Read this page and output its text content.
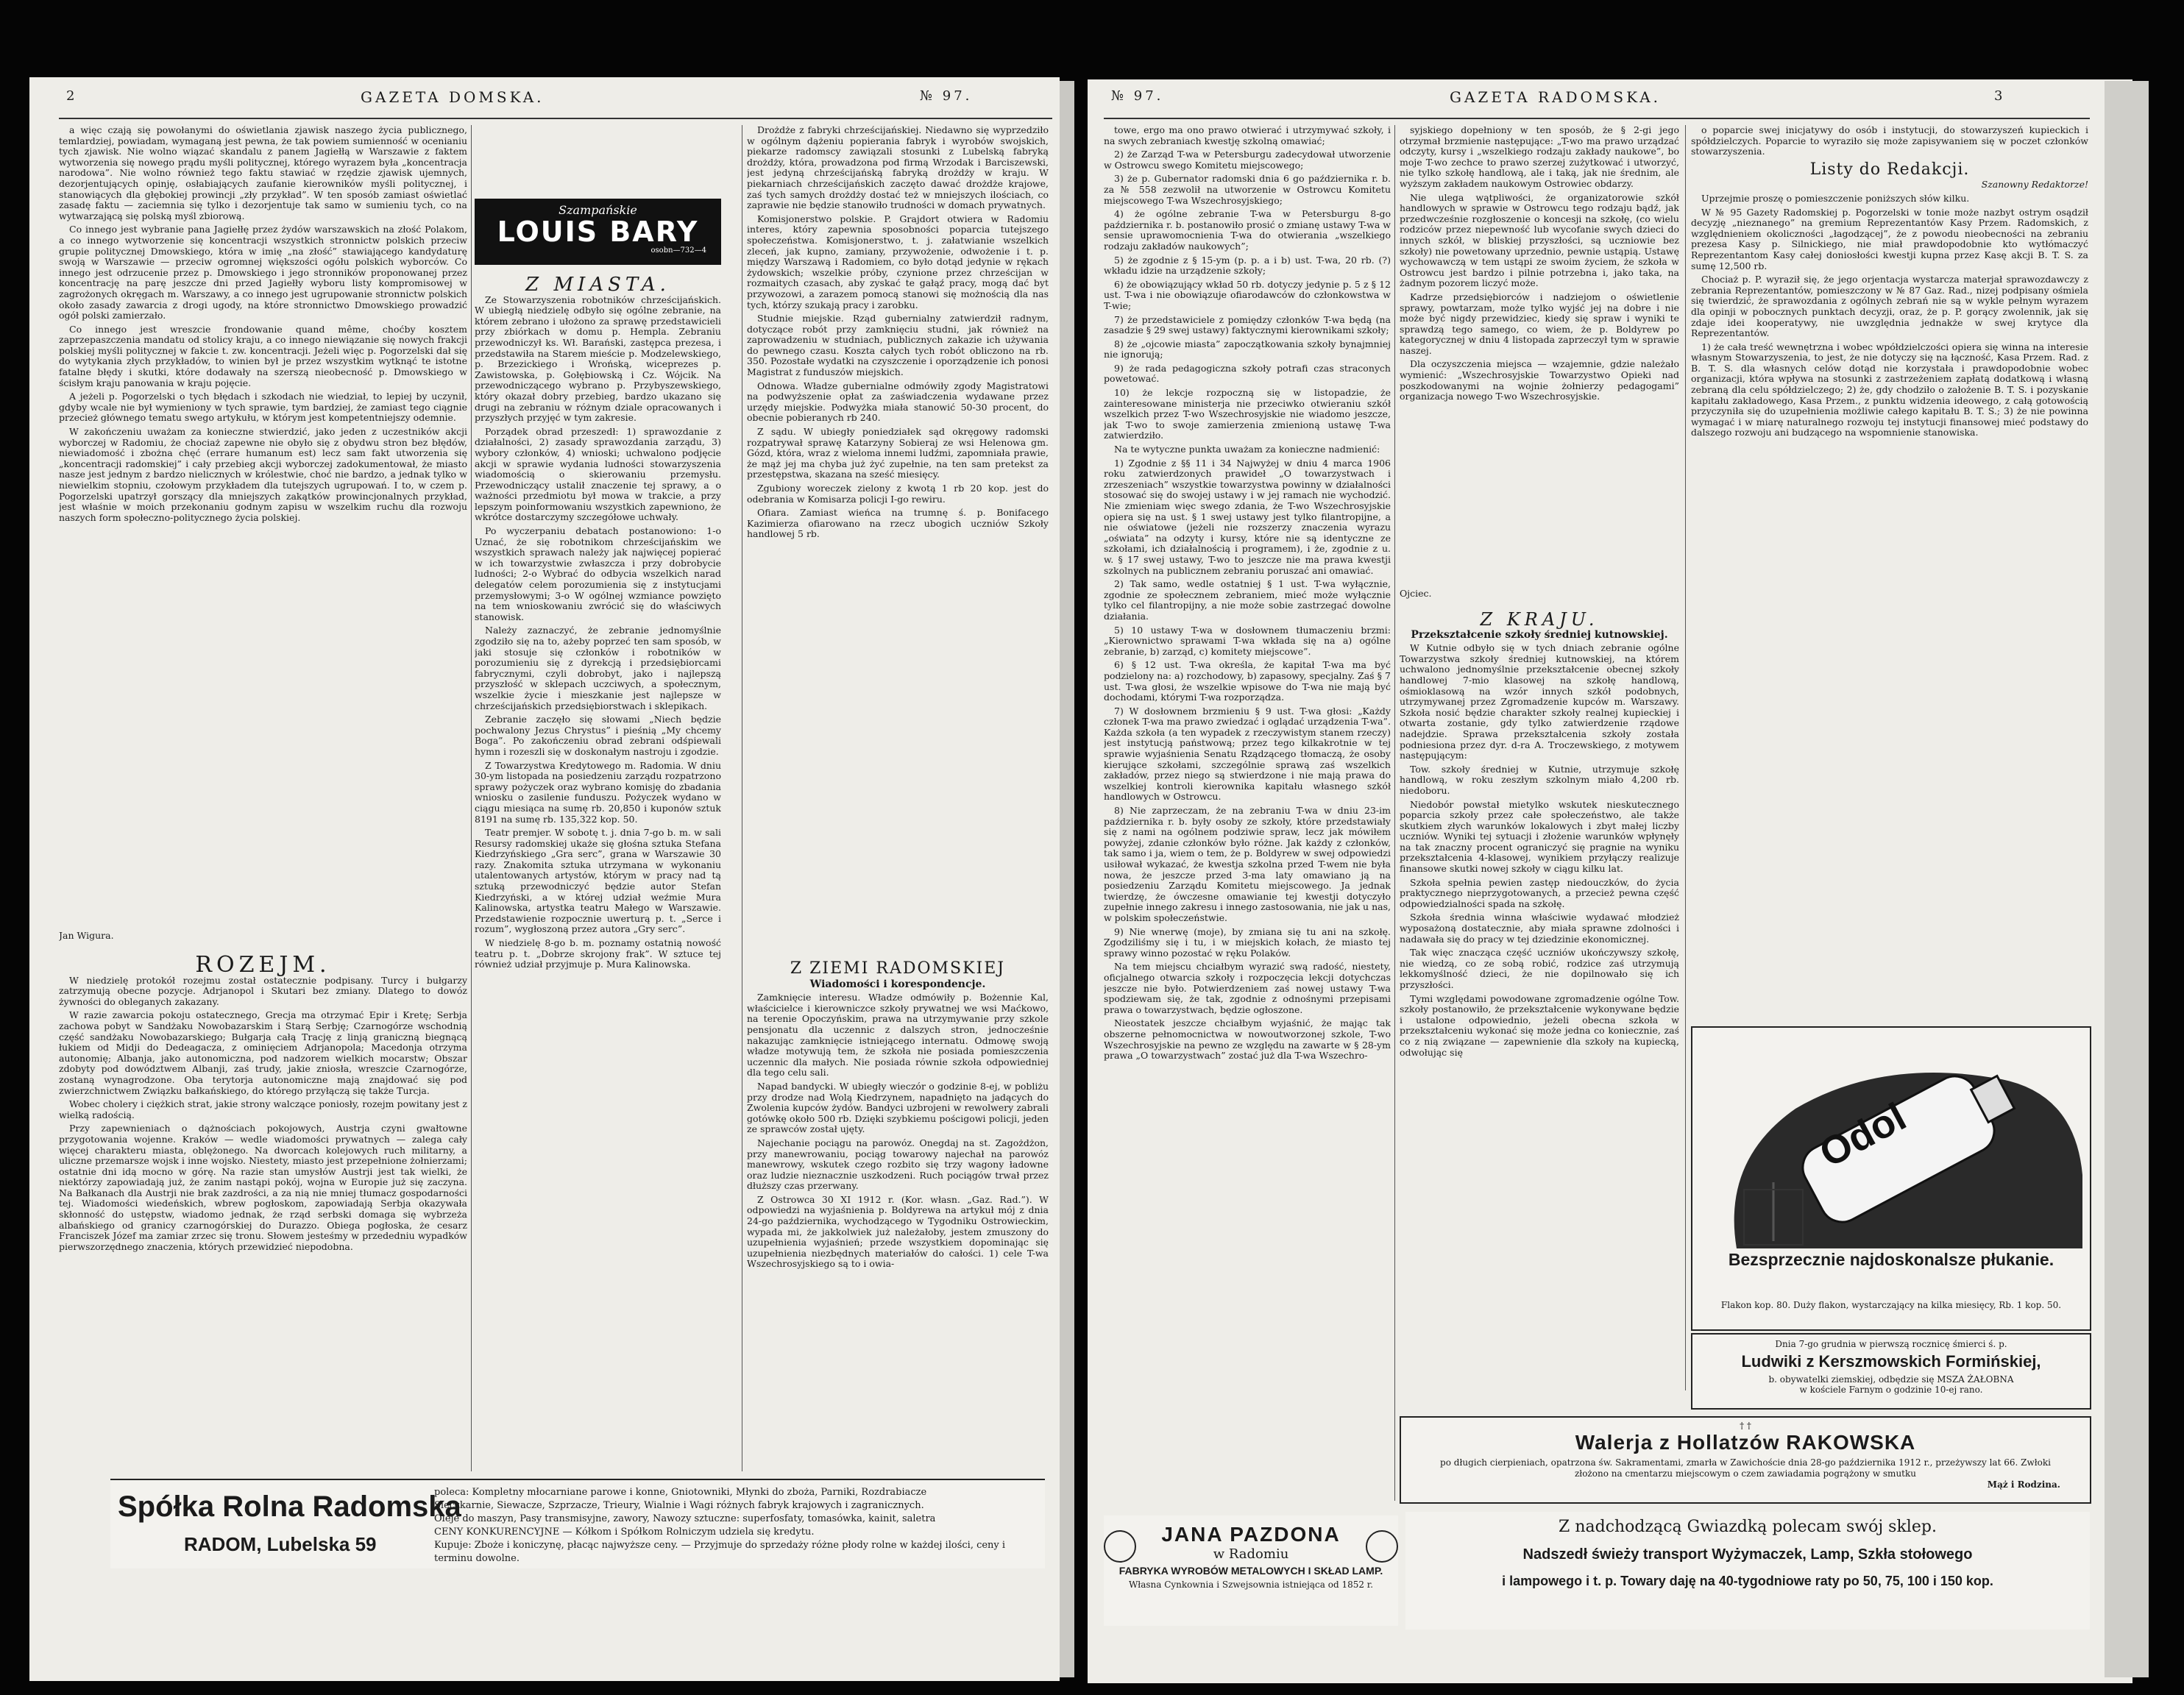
2	GAZETA DOMSKA.	№ 97.

a więc czają się powołanymi do oświetlania zjawisk naszego życia publicznego, temlardziej, powiadam, wymaganą jest pewna, że tak powiem sumienność w ocenianiu tych zjawisk. Nie wolno wiązać skandalu z panem Jagiełłą w Warszawie z faktem wytworzenia się nowego prądu myśli politycznej, którego wyrazem była „koncentracja narodowa”. Nie wolno również tego faktu stawiać w rzędzie zjawisk ujemnych, dezorjentujących opinję, osłabiających zaufanie kierowników myśli politycznej, i stanowiących dla głębokiej prowincji „zły przykład”. W ten sposób zamiast oświetlać zasadę faktu — zaciemnia się tylko i dezorjentuje tak samo w sumieniu tych, co na wytwarzającą się polską myśl zbiorową.

Co innego jest wybranie pana Jagiełłę przez żydów warszawskich na złość Polakom, a co innego wytworzenie się koncentracji wszystkich stronnictw polskich przeciw grupie politycznej Dmowskiego, która w imię „na złość” stawiającego kandydaturę swoją w Warszawie — przeciw ogromnej większości ogółu polskich wyborców. Co innego jest odrzucenie przez p. Dmowskiego i jego stronników proponowanej przez koncentrację na parę jeszcze dni przed Jagiełły wyboru listy kompromisowej w zagrożonych okręgach m. Warszawy, a co innego jest ugrupowanie stronnictw polskich około zasady zawarcia z drogi ugody, na które stronnictwo Dmowskiego prowadzić ogół polski zamierzało.

Co innego jest wreszcie frondowanie quand même, choćby kosztem zaprzepaszczenia mandatu od stolicy kraju, a co innego niewiązanie się nowych frakcji polskiej myśli politycznej w fakcie t. zw. koncentracji. Jeżeli więc p. Pogorzelski dał się do wytykania złych przykładów, to winien był je przez wszystkim wytknąć te istotne fatalne błędy i skutki, które dodawały na szerszą nieobecność p. Dmowskiego w ścisłym kraju panowania w kraju pojęcie.

A jeżeli p. Pogorzelski o tych błędach i szkodach nie wiedział, to lepiej by uczynił, gdyby wcale nie był wymieniony w tych sprawie, tym bardziej, że zamiast tego ciągnie przecież głównego tematu swego artykułu, w którym jest kompetentniejszy odemnie.

W zakończeniu uważam za konieczne stwierdzić, jako jeden z uczestników akcji wyborczej w Radomiu, że chociaż zapewne nie obyło się z obydwu stron bez błędów, niewiadomość i zbożna chęć (errare humanum est) lecz sam fakt utworzenia się „koncentracji radomskiej” i cały przebieg akcji wyborczej zadokumentował, że miasto nasze jest jednym z bardzo nielicznych w królestwie, choć nie bardzo, a jednak tylko w niewielkim stopniu, czołowym przykładem dla tutejszych ugrupowań. I to, w czem p. Pogorzelski upatrzył gorszący dla mniejszych zakątków prowincjonalnych przykład, jest właśnie w moich przekonaniu godnym zapisu w wszelkim ruchu dla rozwoju naszych form społeczno-politycznego życia polskiej.

Jan Wigura.
ROZEJM.

W niedzielę protokół rozejmu został ostatecznie podpisany. Turcy i bułgarzy zatrzymują obecne pozycje. Adrjanopol i Skutari bez zmiany. Dlatego to dowóz żywności do obleganych zakazany.

W razie zawarcia pokoju ostatecznego, Grecja ma otrzymać Epir i Kretę; Serbja zachowa pobyt w Sandżaku Nowobazarskim i Starą Serbję; Czarnogórze wschodnią część sandżaku Nowobazarskiego; Bułgarja całą Trację z linją graniczną biegnącą łukiem od Midji do Dedeagacza, z ominięciem Adrjanopola; Macedonja otrzyma autonomię; Albanja, jako autonomiczna, pod nadzorem wielkich mocarstw; Obszar zdobyty pod dowództwem Albanji, zaś trudy, jakie zniosła, wreszcie Czarnogórze, zostaną wynagrodzone. Oba terytorja autonomiczne mają znajdować się pod zwierzchnictwem Związku bałkańskiego, do którego przyłączą się także Turcja.

Wobec cholery i ciężkich strat, jakie strony walczące poniosły, rozejm powitany jest z wielką radością.

Przy zapewnieniach o dążnościach pokojowych, Austrja czyni gwałtowne przygotowania wojenne. Kraków — wedle wiadomości prywatnych — zalega cały więcej charakteru miasta, oblężonego. Na dworcach kolejowych ruch militarny, a uliczne przemarsze wojsk i inne wojsko. Niestety, miasto jest przepełnione żołnierzami; ostatnie dni idą mocno w górę. Na razie stan umysłów Austrji jest tak wielki, że niektórzy zapowiadają już, że zanim nastąpi pokój, wojna w Europie już się zaczyna. Na Bałkanach dla Austrji nie brak zazdrości, a za nią nie mniej tłumacz gospodarności tej. Wiadomości wiedeńskich, wbrew pogłoskom, zapowiadają Serbja okazywała skłonność do ustępstw, wiadomo jednak, że rząd serbski domaga się wybrzeża albańskiego od granicy czarnogórskiej do Durazzo. Obiega pogłoska, że cesarz Franciszek Józef ma zamiar zrzec się tronu. Słowem jesteśmy w przededniu wypadków pierwszorzędnego znaczenia, których przewidzieć niepodobna.

Szampańskie
LOUIS BARY
osobn—732—4
Z MIASTA.

Ze Stowarzyszenia robotników chrześcijańskich. W ubiegłą niedzielę odbyło się ogólne zebranie, na którem zebrano i ułożono za sprawę przedstawicieli przy zbiórkach w domu p. Hempla. Zebraniu przewodniczył ks. Wł. Barański, zastępca prezesa, i przedstawiła na Starem mieście p. Modzelewskiego, p. Brzezickiego i Wrońską, wiceprezes p. Zawistowska, p. Gołębiowską i Cz. Wójcik. Na przewodniczącego wybrano p. Przybyszewskiego, który okazał dobry przebieg, bardzo ukazano się drugi na zebraniu w różnym dziale opracowanych i przyszłych przyjęć w tym zakresie.

Porządek obrad przeszedł: 1) sprawozdanie z działalności, 2) zasady sprawozdania zarządu, 3) wybory członków, 4) wnioski; uchwalono podjęcie akcji w sprawie wydania ludności stowarzyszenia wiadomością o skierowaniu przemysłu. Przewodniczący ustalił znaczenie tej sprawy, a o ważności przedmiotu był mowa w trakcie, a przy lepszym poinformowaniu wszystkich zapewniono, że wkrótce dostarczymy szczegółowe uchwały.

Po wyczerpaniu debatach postanowiono: 1-o Uznać, że się robotnikom chrześcijańskim we wszystkich sprawach należy jak najwięcej popierać w ich towarzystwie zwłaszcza i przy dobrobycie ludności; 2-o Wybrać do odbycia wszelkich narad delegatów celem porozumienia się z instytucjami przemysłowymi; 3-o W ogólnej wzmiance powzięto na tem wnioskowaniu zwrócić się do właściwych stanowisk.

Należy zaznaczyć, że zebranie jednomyślnie zgodziło się na to, ażeby poprzeć ten sam sposób, w jaki stosuje się członków i robotników w porozumieniu się z dyrekcją i przedsiębiorcami fabrycznymi, czyli dobrobyt, jako i najlepszą przyszłość w sklepach uczciwych, a społecznym, wszelkie życie i mieszkanie jest najlepsze w chrześcijańskich przedsiębiorstwach i sklepikach.

Zebranie zaczęło się słowami „Niech będzie pochwalony Jezus Chrystus” i pieśnią „My chcemy Boga”. Po zakończeniu obrad zebrani odśpiewali hymn i rozeszli się w doskonałym nastroju i zgodzie.

Z Towarzystwa Kredytowego m. Radomia. W dniu 30-ym listopada na posiedzeniu zarządu rozpatrzono sprawy pożyczek oraz wybrano komisję do zbadania wniosku o zasilenie funduszu. Pożyczek wydano w ciągu miesiąca na sumę rb. 20,850 i kuponów sztuk 8191 na sumę rb. 135,322 kop. 50.

Teatr premjer. W sobotę t. j. dnia 7-go b. m. w sali Resursy radomskiej ukaże się głośna sztuka Stefana Kiedrzyńskiego „Gra serc”, grana w Warszawie 30 razy. Znakomita sztuka utrzymana w wykonaniu utalentowanych artystów, którym w pracy nad tą sztuką przewodniczyć będzie autor Stefan Kiedrzyński, a w której udział weźmie Mura Kalinowska, artystka teatru Małego w Warszawie. Przedstawienie rozpocznie uwerturą p. t. „Serce i rozum”, wygłoszoną przez autora „Gry serc”.

W niedzielę 8-go b. m. poznamy ostatnią nowość teatru p. t. „Dobrze skrojony frak”. W sztuce tej również udział przyjmuje p. Mura Kalinowska.

Drożdże z fabryki chrześcijańskiej. Niedawno się wyprzedziło w ogólnym dążeniu popierania fabryk i wyrobów swojskich, piekarze radomscy zawiązali stosunki z Lubelską fabryką drożdży, która, prowadzona pod firmą Wrzodak i Barciszewski, jest jedyną chrześcijańską fabryką drożdży w kraju. W piekarniach chrześcijańskich zaczęto dawać drożdże krajowe, zaś tych samych drożdży dostać też w mniejszych ilościach, co zaprawie nie będzie stanowiło trudności w domach prywatnych.

Komisjonerstwo polskie. P. Grajdort otwiera w Radomiu interes, który zapewnia sposobności poparcia tutejszego społeczeństwa. Komisjonerstwo, t. j. załatwianie wszelkich zleceń, jak kupno, zamiany, przywożenie, odwożenie i t. p. między Warszawą i Radomiem, co było dotąd jedynie w rękach żydowskich; wszelkie próby, czynione przez chrześcijan w rozmaitych czasach, aby zyskać te gałąź pracy, mogą dać byt przywozowi, a zarazem pomocą stanowi się możnością dla nas tych, którzy szukają pracy i zarobku.

Studnie miejskie. Rząd gubernialny zatwierdził radnym, dotyczące robót przy zamknięciu studni, jak również na zaprowadzeniu w studniach, publicznych zakazie ich używania do pewnego czasu. Koszta całych tych robót obliczono na rb. 350. Pozostałe wydatki na czyszczenie i oporządzenie ich ponosi Magistrat z funduszów miejskich.

Odnowa. Władze gubernialne odmówiły zgody Magistratowi na podwyższenie opłat za zaświadczenia wydawane przez urzędy miejskie. Podwyżka miała stanowić 50-30 procent, do obecnie pobieranych rb 240.

Z sądu. W ubiegły poniedziałek sąd okręgowy radomski rozpatrywał sprawę Katarzyny Sobieraj ze wsi Helenowa gm. Gózd, która, wraz z wieloma innemi ludźmi, zapomniała prawie, że mąż jej ma chyba już żyć zupełnie, na ten sam pretekst za przestępstwa, skazana na sześć miesięcy.

Zgubiony woreczek zielony z kwotą 1 rb 20 kop. jest do odebrania w Komisarza policji I-go rewiru.

Ofiara. Zamiast wieńca na trumnę ś. p. Bonifacego Kazimierza ofiarowano na rzecz ubogich uczniów Szkoły handlowej 5 rb.

Z ZIEMI RADOMSKIEJ
Wiadomości i korespondencje.

Zamknięcie interesu. Władze odmówiły p. Bożennie Kal, właścicielce i kierowniczce szkoły prywatnej we wsi Maćkowo, na terenie Opoczyńskim, prawa na utrzymywanie przy szkole pensjonatu dla uczennic z dalszych stron, jednocześnie nakazując zamknięcie istniejącego internatu. Odmowę swoją władze motywują tem, że szkoła nie posiada pomieszczenia uczennic dla małych. Nie posiada równie szkoła odpowiedniej dla tego celu sali.

Napad bandycki. W ubiegły wieczór o godzinie 8-ej, w pobliżu przy drodze nad Wolą Kiedrzynem, napadnięto na jadących do Zwolenia kupców żydów. Bandyci uzbrojeni w rewolwery zabrali gotówkę około 500 rb. Dzięki szybkiemu pościgowi policji, jeden ze sprawców został ujęty.

Najechanie pociągu na parowóz. Onegdaj na st. Zagożdżon, przy manewrowaniu, pociąg towarowy najechał na parowóz manewrowy, wskutek czego rozbito się trzy wagony ładowne oraz ludzie nieznacznie uszkodzeni. Ruch pociągów trwał przez dłuższy czas przerwany.

Z Ostrowca 30 XI 1912 r. (Kor. własn. „Gaz. Rad.”). W odpowiedzi na wyjaśnienia p. Boldyrewa na artykuł mój z dnia 24-go października, wychodzącego w Tygodniku Ostrowieckim, wypada mi, że jakkolwiek już należałoby, jestem zmuszony do uzupełnienia wyjaśnień; przede wszystkiem dopominając się uzupełnienia niezbędnych materiałów do całości. 1) cele T-wa Wszechrosyjskiego są to i owia-

Spółka Rolna Radomska
RADOM, Lubelska 59
poleca: Kompletny młocarniane parowe i konne, Gniotowniki, Młynki do zboża, Parniki, Rozdrabiacze
Sieczkarnie, Siewacze, Szprzacze, Trieury, Wialnie i Wagi różnych fabryk krajowych i zagranicznych.
Oleje do maszyn, Pasy transmisyjne, zawory, Nawozy sztuczne: superfosfaty, tomasówka, kainit, saletra
CENY KONKURENCYJNE — Kółkom i Spółkom Rolniczym udziela się kredytu.
Kupuje: Zboże i koniczynę, płacąc najwyższe ceny. — Przyjmuje do sprzedaży różne płody rolne w każdej ilości, ceny i terminu dowolne.
№ 97.	GAZETA RADOMSKA.	3

towe, ergo ma ono prawo otwierać i utrzymywać szkoły, i na swych zebraniach kwestję szkolną omawiać;

2) że Zarząd T-wa w Petersburgu zadecydował utworzenie w Ostrowcu swego Komitetu miejscowego;

3) że p. Gubernator radomski dnia 6 go października r. b. za № 558 zezwolił na utworzenie w Ostrowcu Komitetu miejscowego T-wa Wszechrosyjskiego;

4) że ogólne zebranie T-wa w Petersburgu 8-go października r. b. postanowiło prosić o zmianę ustawy T-wa w sensie uprawomocnienia T-wa do otwierania „wszelkiego rodzaju zakładów naukowych”;

5) że zgodnie z § 15-ym (p. p. a i b) ust. T-wa, 20 rb. (?) wkładu idzie na urządzenie szkoły;

6) że obowiązujący wkład 50 rb. dotyczy jedynie p. 5 z § 12 ust. T-wa i nie obowiązuje ofiarodawców do członkowstwa w T-wie;

7) że przedstawiciele z pomiędzy członków T-wa będą (na zasadzie § 29 swej ustawy) faktycznymi kierownikami szkoły;

8) że „ojcowie miasta” zapoczątkowania szkoły bynajmniej nie ignorują;

9) że rada pedagogiczna szkoły potrafi czas straconych powetować.

10) że lekcje rozpoczną się w listopadzie, że zainteresowane ministerja nie przeciwko otwieraniu szkół wszelkich przez T-wo Wszechrosyjskie nie wiadomo jeszcze, jak T-wo to swoje zamierzenia zmienioną ustawę T-wa zatwierdziło.

Na te wytyczne punkta uważam za konieczne nadmienić:

1) Zgodnie z §§ 11 i 34 Najwyżej w dniu 4 marca 1906 roku zatwierdzonych prawideł „O towarzystwach i zrzeszeniach” wszystkie towarzystwa powinny w działalności stosować się do swojej ustawy i w jej ramach nie wychodzić. Nie zmieniam więc swego zdania, że T-wo Wszechrosyjskie opiera się na ust. § 1 swej ustawy jest tylko filantropijne, a nie oświatowe (jeżeli nie rozszerzy znaczenia wyrazu „oświata” na odzyty i kursy, które nie są identyczne ze szkołami, ich działalnością i programem), i że, zgodnie z u. w. § 17 swej ustawy, T-wo to jeszcze nie ma prawa kwestji szkolnych na publicznem zebraniu poruszać ani omawiać.

2) Tak samo, wedle ostatniej § 1 ust. T-wa wyłącznie, zgodnie ze społecznem zebraniem, mieć może wyłącznie tylko cel filantropijny, a nie może sobie zastrzegać dowolne działania.

5) 10 ustawy T-wa w dosłownem tłumaczeniu brzmi: „Kierownictwo sprawami T-wa wkłada się na a) ogólne zebranie, b) zarząd, c) komitety miejscowe”.

6) § 12 ust. T-wa określa, że kapitał T-wa ma być podzielony na: a) rozchodowy, b) zapasowy, specjalny. Zaś § 7 ust. T-wa głosi, że wszelkie wpisowe do T-wa nie mają być dochodami, którymi T-wa rozporządza.

7) W dosłownem brzmieniu § 9 ust. T-wa głosi: „Każdy członek T-wa ma prawo zwiedzać i oglądać urządzenia T-wa”. Każda szkoła (a ten wypadek z rzeczywistym stanem rzeczy) jest instytucją państwową; przez tego kilkakrotnie w tej sprawie wyjaśnienia Senatu Rządzącego tłomaczą, że osoby kierujące szkołami, szczególnie sprawą zaś wszelkich zakładów, przez niego są stwierdzone i nie mają prawa do wszelkiej kontroli kierownika kapitału własnego szkół handlowych w Ostrowcu.

8) Nie zaprzeczam, że na zebraniu T-wa w dniu 23-im października r. b. były osoby ze szkoły, które przedstawiały się z nami na ogólnem podziwie spraw, lecz jak mówiłem powyżej, zdanie członków było różne. Jak każdy z członków, tak samo i ja, wiem o tem, że p. Boldyrew w swej odpowiedzi usiłował wykazać, że kwestja szkolna przed T-wem nie była nowa, że jeszcze przed 3-ma laty omawiano ją na posiedzeniu Zarządu Komitetu miejscowego. Ja jednak twierdzę, że ówczesne omawianie tej kwestji dotyczyło zupełnie innego zakresu i innego zastosowania, nie jak u nas, w polskim społeczeństwie.

9) Nie wnerwę (moje), by zmiana się tu ani na szkołę. Zgodziliśmy się i tu, i w miejskich kołach, że miasto tej sprawy winno pozostać w ręku Polaków.

Na tem miejscu chciałbym wyrazić swą radość, niestety, oficjalnego otwarcia szkoły i rozpoczęcia lekcji dotychczas jeszcze nie było. Potwierdzeniem zaś nowej ustawy T-wa spodziewam się, że tak, zgodnie z odnośnymi przepisami prawa o towarzystwach, będzie ogłoszone.

Nieostatek jeszcze chciałbym wyjaśnić, że mając tak obszerne pełnomocnictwa w nowoutworzonej szkole, T-wo Wszechrosyjskie na pewno ze względu na zawarte w § 28-ym prawa „O towarzystwach” zostać już dla T-wa Wszechro-

syjskiego dopełniony w ten sposób, że § 2-gi jego otrzymał brzmienie następujące: „T-wo ma prawo urządzać odczyty, kursy i „wszelkiego rodzaju zakłady naukowe”, bo moje T-wo zechce to prawo szerzej zużytkować i utworzyć, nie tylko szkołę handlową, ale i taką, jak nie średnim, ale wyższym zakładem naukowym Ostrowiec obdarzy.

Nie ulega wątpliwości, że organizatorowie szkół handlowych w sprawie w Ostrowcu tego rodzaju bądź, jak przedwcześnie rozgłoszenie o koncesji na szkołę, (co wielu rodziców przez niepewność lub wycofanie swych dzieci do innych szkół, w bliskiej przyszłości, są uczniowie bez szkoły) nie powetowany uprzednio, pewnie ustąpią. Ustawę wychowawczą w tem ustąpi ze swoim życiem, że szkoła w Ostrowcu jest bardzo i pilnie potrzebna i, jako taka, na żadnym pozorem liczyć może.

Kadrze przedsiębiorców i nadziejom o oświetlenie sprawy, powtarzam, może tylko wyjść jej na dobre i nie może być nigdy przewidziec, kiedy się spraw i wyniki te sprawdzą tego samego, co wiem, że p. Boldyrew po kategorycznej w dniu 4 listopada zaprzeczył tym w sprawie naszej.

Dla oczyszczenia miejsca — wzajemnie, gdzie należało wymienić: „Wszechrosyjskie Towarzystwo Opieki nad poszkodowanymi na wojnie żołnierzy pedagogami” organizacja nowego T-wo Wszechrosyjskie.

Ojciec.
Z KRAJU.
Przekształcenie szkoły średniej kutnowskiej.

W Kutnie odbyło się w tych dniach zebranie ogólne Towarzystwa szkoły średniej kutnowskiej, na którem uchwalono jednomyślnie przekształcenie obecnej szkoły handlowej 7-mio klasowej na szkołę handlową, ośmioklasową na wzór innych szkół podobnych, utrzymywanej przez Zgromadzenie kupców m. Warszawy. Szkoła nosić będzie charakter szkoły realnej kupieckiej i otwarta zostanie, gdy tylko zatwierdzenie rządowe nadejdzie. Sprawa przekształcenia szkoły została podniesiona przez dyr. d-ra A. Troczewskiego, z motywem następującym:

Tow. szkoły średniej w Kutnie, utrzymuje szkołę handlową, w roku zeszłym szkolnym miało 4,200 rb. niedoboru.

Niedobór powstał mietylko wskutek nieskutecznego poparcia szkoły przez całe społeczeństwo, ale także skutkiem złych warunków lokalowych i zbyt małej liczby uczniów. Wyniki tej sytuacji i złożenie warunków wpłynęły na tak znaczny procent ograniczyć się pragnie na wyniku przekształcenia 4-klasowej, wynikiem przyłączy realizuje finansowe skutki nowej szkoły w ciągu kilku lat.

Szkoła spełnia pewien zastęp niedouczków, do życia praktycznego nieprzygotowanych, a przecież pewna część odpowiedzialności spada na szkołę.

Szkoła średnia winna właściwie wydawać młodzież wyposażoną dostatecznie, aby miała sprawne zdolności i nadawała się do pracy w tej dziedzinie ekonomicznej.

Tak więc znacząca część uczniów ukończywszy szkołę, nie wiedzą, co ze sobą robić, rodzice zaś utrzymują lekkomyślność dzieci, że nie dopilnowało się ich przyszłości.

Tymi względami powodowane zgromadzenie ogólne Tow. szkoły postanowiło, że przekształcenie wykonywane będzie i ustalone odpowiednio, jeżeli obecna szkoła w przekształceniu wykonać się może jedna co koniecznie, zaś co z nią związane — zapewnienie dla szkoły na kupiecką, odwołując się

o poparcie swej inicjatywy do osób i instytucji, do stowarzyszeń kupieckich i spółdzielczych. Poparcie to wyraziło się może zapisywaniem się w poczet członków stowarzyszenia.

Listy do Redakcji.
Szanowny Redaktorze!

Uprzejmie proszę o pomieszczenie poniższych słów kilku.

W № 95 Gazety Radomskiej p. Pogorzelski w tonie może nazbyt ostrym osądził decyzję „nieznanego” na gremium Reprezentantów Kasy Przem. Radomskich, z względnieniem okoliczności „łagodzącej”, że z powodu nieobecności na zebraniu prezesa Kasy p. Silnickiego, nie miał prawdopodobnie kto wytłómaczyć Reprezentantom Kasy całej doniosłości kwestji kupna przez Kasę akcji B. T. S. za sumę 12,500 rb.

Chociaż p. P. wyraził się, że jego orjentacja wystarcza materjał sprawozdawczy z zebrania Reprezentantów, pomieszczony w № 87 Gaz. Rad., nizej podpisany ośmiela się twierdzić, że sprawozdania z ogólnych zebrań nie są w wykle pełnym wyrazem dla opinji w pobocznych punktach decyzji, oraz, że p. P. gorący zwolennik, jak się zdaje idei kooperatywy, nie uwzględnia jednakże w swej krytyce dla Reprezentantów.

1) że cała treść wewnętrzna i wobec wpółdzielczości opiera się winna na interesie własnym Stowarzyszenia, to jest, że nie dotyczy się na łączność, Kasa Przem. Rad. z B. T. S. dla własnych celów dotąd nie korzystała i prawdopodobnie wobec organizacji, która wpływa na stosunki z zastrzeżeniem zapłatą dodatkową i własną zebraną dla celu spółdzielczego; 2) że, gdy chodziło o założenie B. T. S. i pozyskanie kapitału zakładowego, Kasa Przem., z punktu widzenia ideowego, z całą gotowością przyczyniła się do uzupełnienia możliwie całego kapitału B. T. S.; 3) że nie powinna wymagać i w miarę naturalnego rozwoju tej instytucji finansowej mieć podstawy do dalszego rozwoju ani budzącego na wspomnienie stanowiska.

Odol
Bezsprzecznie najdoskonalsze płukanie.
Flakon kop. 80. Duży flakon, wystarczający na kilka miesięcy, Rb. 1 kop. 50.
Dnia 7-go grudnia w pierwszą rocznicę śmierci ś. p.
Ludwiki z Kerszmowskich Formińskiej,
b. obywatelki ziemskiej, odbędzie się MSZA ŻAŁOBNA
w kościele Farnym o godzinie 10-ej rano.
† †
Walerja z Hollatzów RAKOWSKA
po długich cierpieniach, opatrzona św. Sakramentami, zmarła w Zawichoście dnia 28-go października 1912 r., przeżywszy lat 66. Zwłoki złożono na cmentarzu miejscowym o czem zawiadamia pogrążony w smutku
Mąż i Rodzina.
JANA PAZDONA
w Radomiu
FABRYKA WYROBÓW METALOWYCH I SKŁAD LAMP.
Własna Cynkownia i Szwejsownia istniejąca od 1852 r.
Z nadchodzącą Gwiazdką polecam swój sklep.
Nadszedł świeży transport Wyżymaczek, Lamp, Szkła stołowego
i lampowego i t. p. Towary daję na 40-tygodniowe raty po 50, 75, 100 i 150 kop.
